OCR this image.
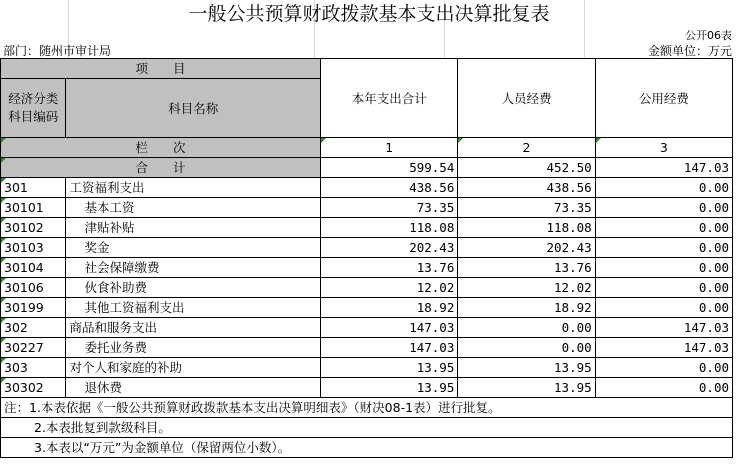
一般公共预算财政拨款基本支出决算批复表
公开06表
部门：随州市审计局	金额单位：万元
项　　目		本年支出合计	人员经费	公用经费
经济分类科目编码	科目名称			
栏　　次		1	2	3
合　　计		599.54	452.50	147.03
301	工资福利支出	438.56	438.56	0.00
30101	基本工资	73.35	73.35	0.00
30102	津贴补贴	118.08	118.08	0.00
30103	奖金	202.43	202.43	0.00
30104	社会保障缴费	13.76	13.76	0.00
30106	伙食补助费	12.02	12.02	0.00
30199	其他工资福利支出	18.92	18.92	0.00
302	商品和服务支出	147.03	0.00	147.03
30227	委托业务费	147.03	0.00	147.03
303	对个人和家庭的补助	13.95	13.95	0.00
30302	退休费	13.95	13.95	0.00
注：1.本表依据《一般公共预算财政拨款基本支出决算明细表》（财决08-1表）进行批复。				
2.本表批复到款级科目。				
3.本表以“万元”为金额单位（保留两位小数）。				
